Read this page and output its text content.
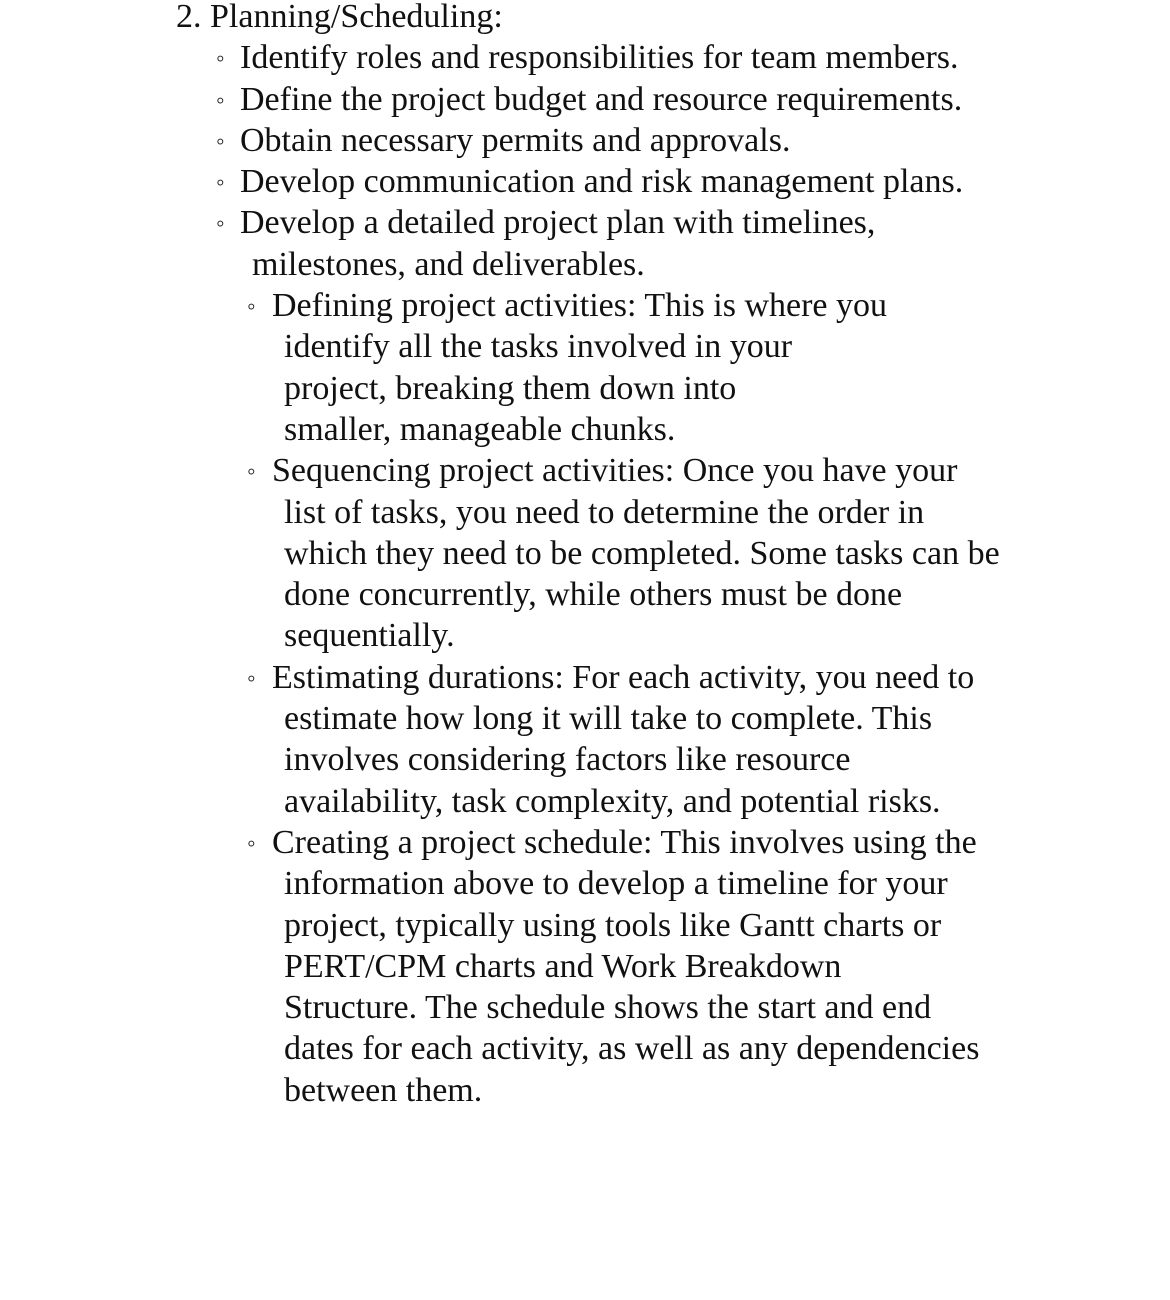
2. Planning/Scheduling:
◦ Identify roles and responsibilities for team members.
◦ Define the project budget and resource requirements.
◦ Obtain necessary permits and approvals.
◦ Develop communication and risk management plans.
◦ Develop a detailed project plan with timelines,
milestones, and deliverables.
◦ Defining project activities: This is where you
identify all the tasks involved in your
project, breaking them down into
smaller, manageable chunks.
◦ Sequencing project activities: Once you have your
list of tasks, you need to determine the order in
which they need to be completed. Some tasks can be
done concurrently, while others must be done
sequentially.
◦ Estimating durations: For each activity, you need to
estimate how long it will take to complete. This
involves considering factors like resource
availability, task complexity, and potential risks.
◦ Creating a project schedule: This involves using the
information above to develop a timeline for your
project, typically using tools like Gantt charts or
PERT/CPM charts and Work Breakdown
Structure. The schedule shows the start and end
dates for each activity, as well as any dependencies
between them.
